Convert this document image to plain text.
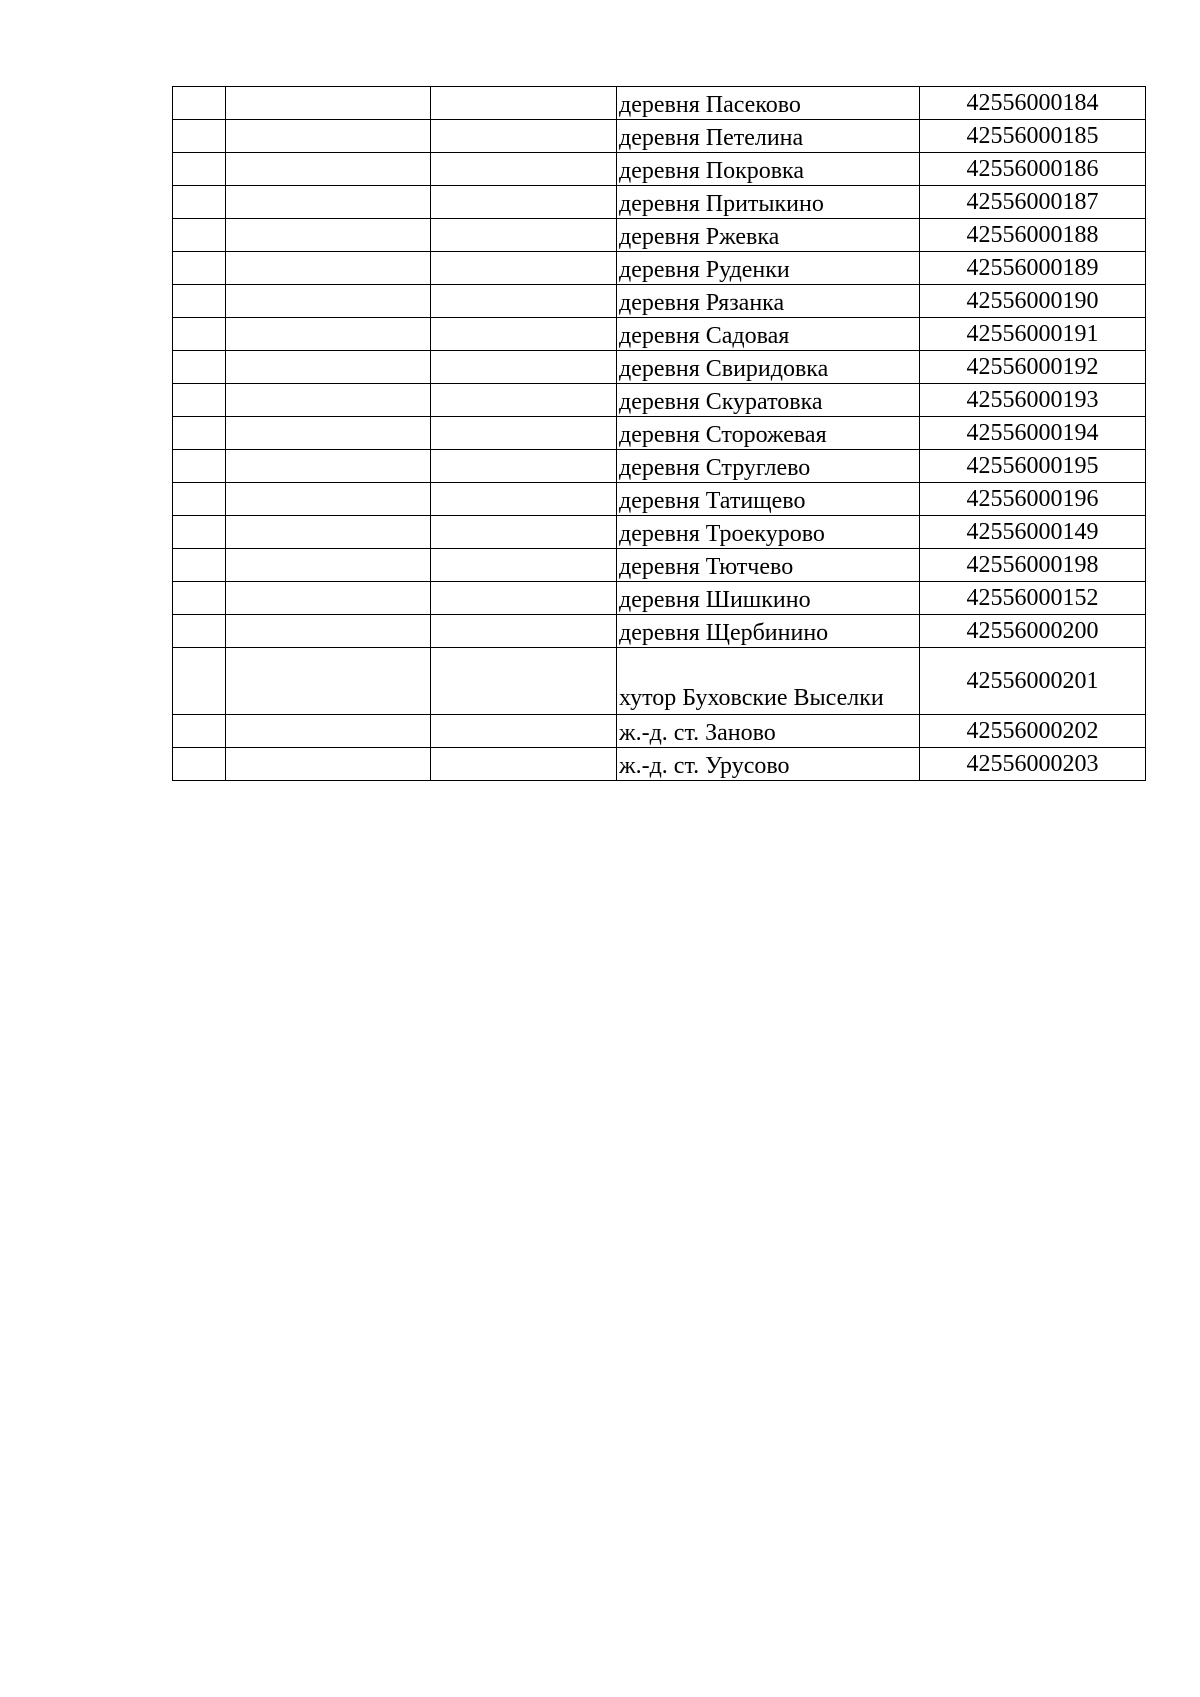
			деревня Пасеково	42556000184
			деревня Петелина	42556000185
			деревня Покровка	42556000186
			деревня Притыкино	42556000187
			деревня Ржевка	42556000188
			деревня Руденки	42556000189
			деревня Рязанка	42556000190
			деревня Садовая	42556000191
			деревня Свиридовка	42556000192
			деревня Скуратовка	42556000193
			деревня Сторожевая	42556000194
			деревня Струглево	42556000195
			деревня Татищево	42556000196
			деревня Троекурово	42556000149
			деревня Тютчево	42556000198
			деревня Шишкино	42556000152
			деревня Щербинино	42556000200
			хутор Буховские Выселки	42556000201
			ж.-д. ст. Заново	42556000202
			ж.-д. ст. Урусово	42556000203
